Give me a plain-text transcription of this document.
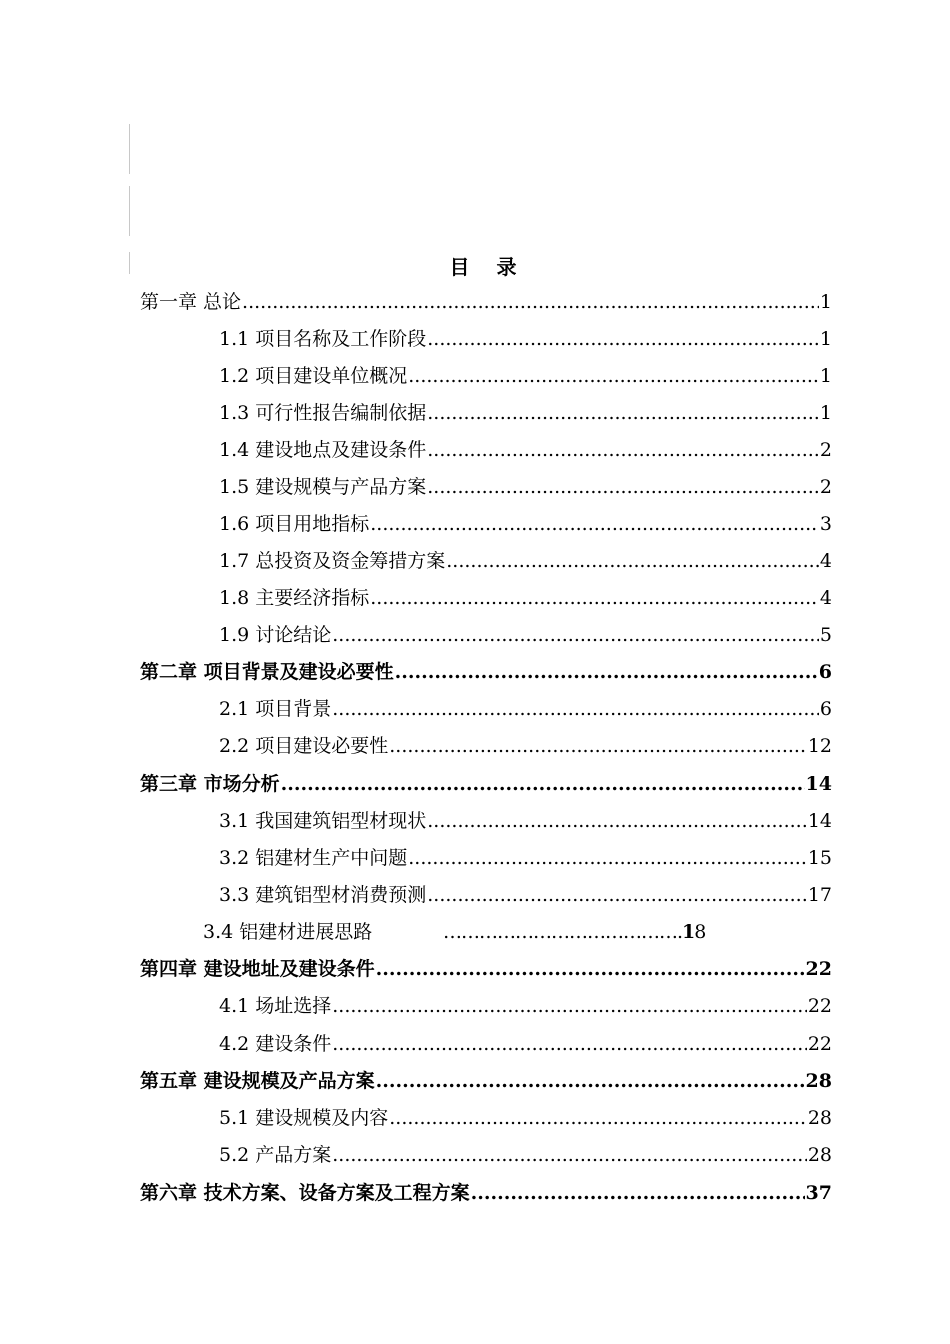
目 录
第一章 总论 .....	1
1.1 项目名称及工作阶段 .....	1
1.2 项目建设单位概况 .....	1
1.3 可行性报告编制依据 .....	1
1.4 建设地点及建设条件 .....	2
1.5 建设规模与产品方案 .....	2
1.6 项目用地指标 .....	3
1.7 总投资及资金筹措方案 .....	4
1.8 主要经济指标 .....	4
1.9 讨论结论 .....	5
第二章 项目背景及建设必要性 .....	6
2.1 项目背景 .....	6
2.2 项目建设必要性 .....	12
第三章 市场分析 .....	14
3.1 我国建筑铝型材现状 .....	14
3.2 铝建材生产中问题 .....	15
3.3 建筑铝型材消费预测 .....	17
3.4 铝建材进展思路	………………………………….18
第四章 建设地址及建设条件 .....	22
4.1 场址选择 .....	22
4.2 建设条件 .....	22
第五章 建设规模及产品方案 .....	28
5.1 建设规模及内容 .....	28
5.2 产品方案 .....	28
第六章 技术方案、设备方案及工程方案 .....	37
